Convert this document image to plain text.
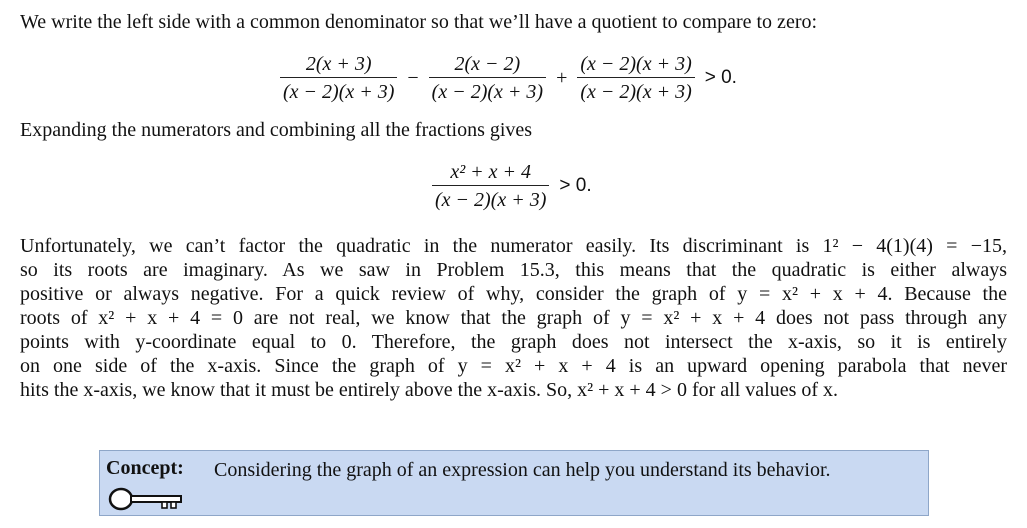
We write the left side with a common denominator so that we’ll have a quotient to compare to zero:

$\frac{2(x + 3)}{(x - 2)(x + 3)} - \frac{2(x - 2)}{(x - 2)(x + 3)} + \frac{(x - 2)(x + 3)}{(x - 2)(x + 3)} > 0$.

Expanding the numerators and combining all the fractions gives

$\frac{\text{x² + x + 4}}{(x - 2)(x + 3)} > 0$.

Unfortunately, we can’t factor the quadratic in the numerator easily. Its discriminant is 1² − 4(1)(4) = −15,
so its roots are imaginary. As we saw in Problem 15.3, this means that the quadratic is either always
positive or always negative. For a quick review of why, consider the graph of y = x² + x + 4. Because the
roots of x² + x + 4 = 0 are not real, we know that the graph of y = x² + x + 4 does not pass through any
points with y-coordinate equal to 0. Therefore, the graph does not intersect the x-axis, so it is entirely
on one side of the x-axis. Since the graph of y = x² + x + 4 is an upward opening parabola that never
hits the x-axis, we know that it must be entirely above the x-axis. So, x² + x + 4 > 0 for all values of x.

Concept: Considering the graph of an expression can help you understand its behavior.
